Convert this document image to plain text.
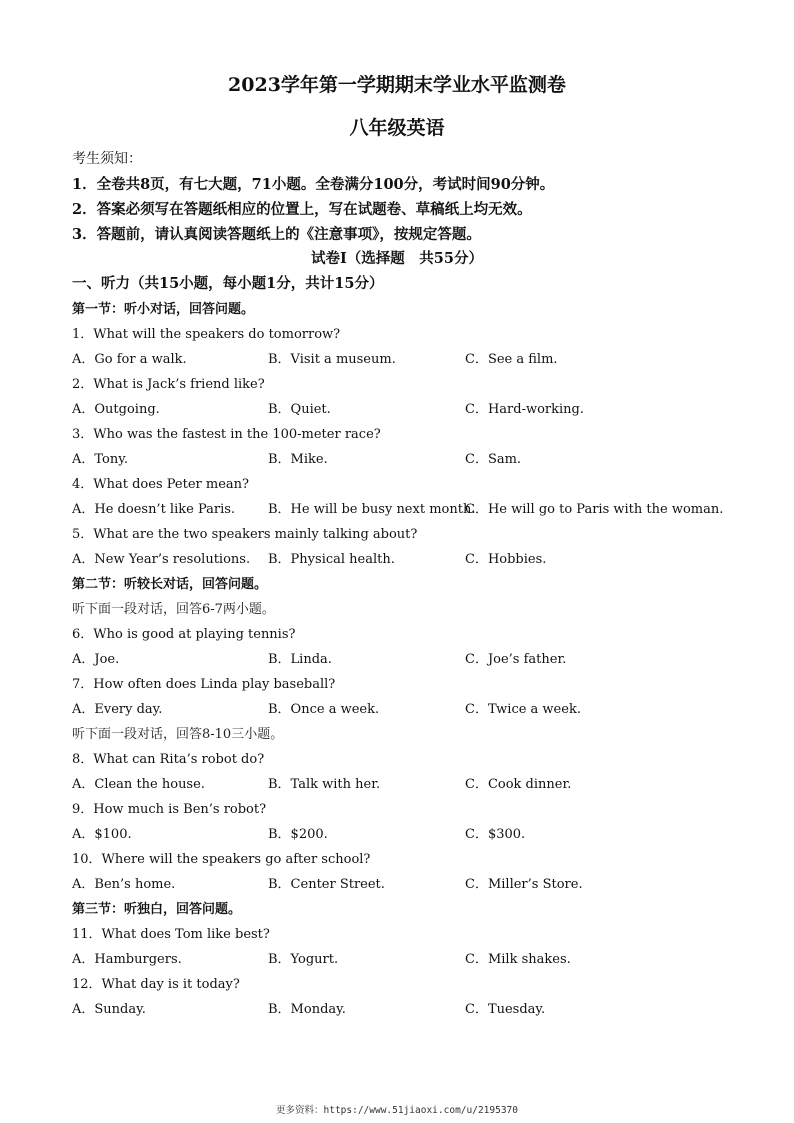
2023学年第一学期期末学业水平监测卷
八年级英语
考生须知：
1．全卷共8页，有七大题，71小题。全卷满分100分，考试时间90分钟。
2．答案必须写在答题纸相应的位置上，写在试题卷、草稿纸上均无效。
3．答题前，请认真阅读答题纸上的《注意事项》，按规定答题。
试卷Ⅰ（选择题　共55分）
一、听力（共15小题，每小题1分，共计15分）
第一节：听小对话，回答问题。
1．What will the speakers do tomorrow?
A．Go for a walk.	B．Visit a museum.	C．See a film.
2．What is Jack’s friend like?
A．Outgoing.	B．Quiet.	C．Hard-working.
3．Who was the fastest in the 100-meter race?
A．Tony.	B．Mike.	C．Sam.
4．What does Peter mean?
A．He doesn’t like Paris.	B．He will be busy next month.
C．He will go to Paris with the woman.
5．What are the two speakers mainly talking about?
A．New Year’s resolutions. B．Physical health.	C．Hobbies.
第二节：听较长对话，回答问题。
听下面一段对话，回答6-7两小题。
6．Who is good at playing tennis?
A．Joe.	B．Linda.	C．Joe’s father.
7．How often does Linda play baseball?
A．Every day.	B．Once a week.	C．Twice a week.
听下面一段对话，回答8-10三小题。
8．What can Rita’s robot do?
A．Clean the house.	B．Talk with her.	C．Cook dinner.
9．How much is Ben’s robot?
A．$100.	B．$200.	C．$300.
10．Where will the speakers go after school?
A．Ben’s home.	B．Center Street.	C．Miller’s Store.
第三节：听独白，回答问题。
11．What does Tom like best?
A．Hamburgers.	B．Yogurt.	C．Milk shakes.
12．What day is it today?
A．Sunday.	B．Monday.	C．Tuesday.
更多资料：https://www.51jiaoxi.com/u/2195370
